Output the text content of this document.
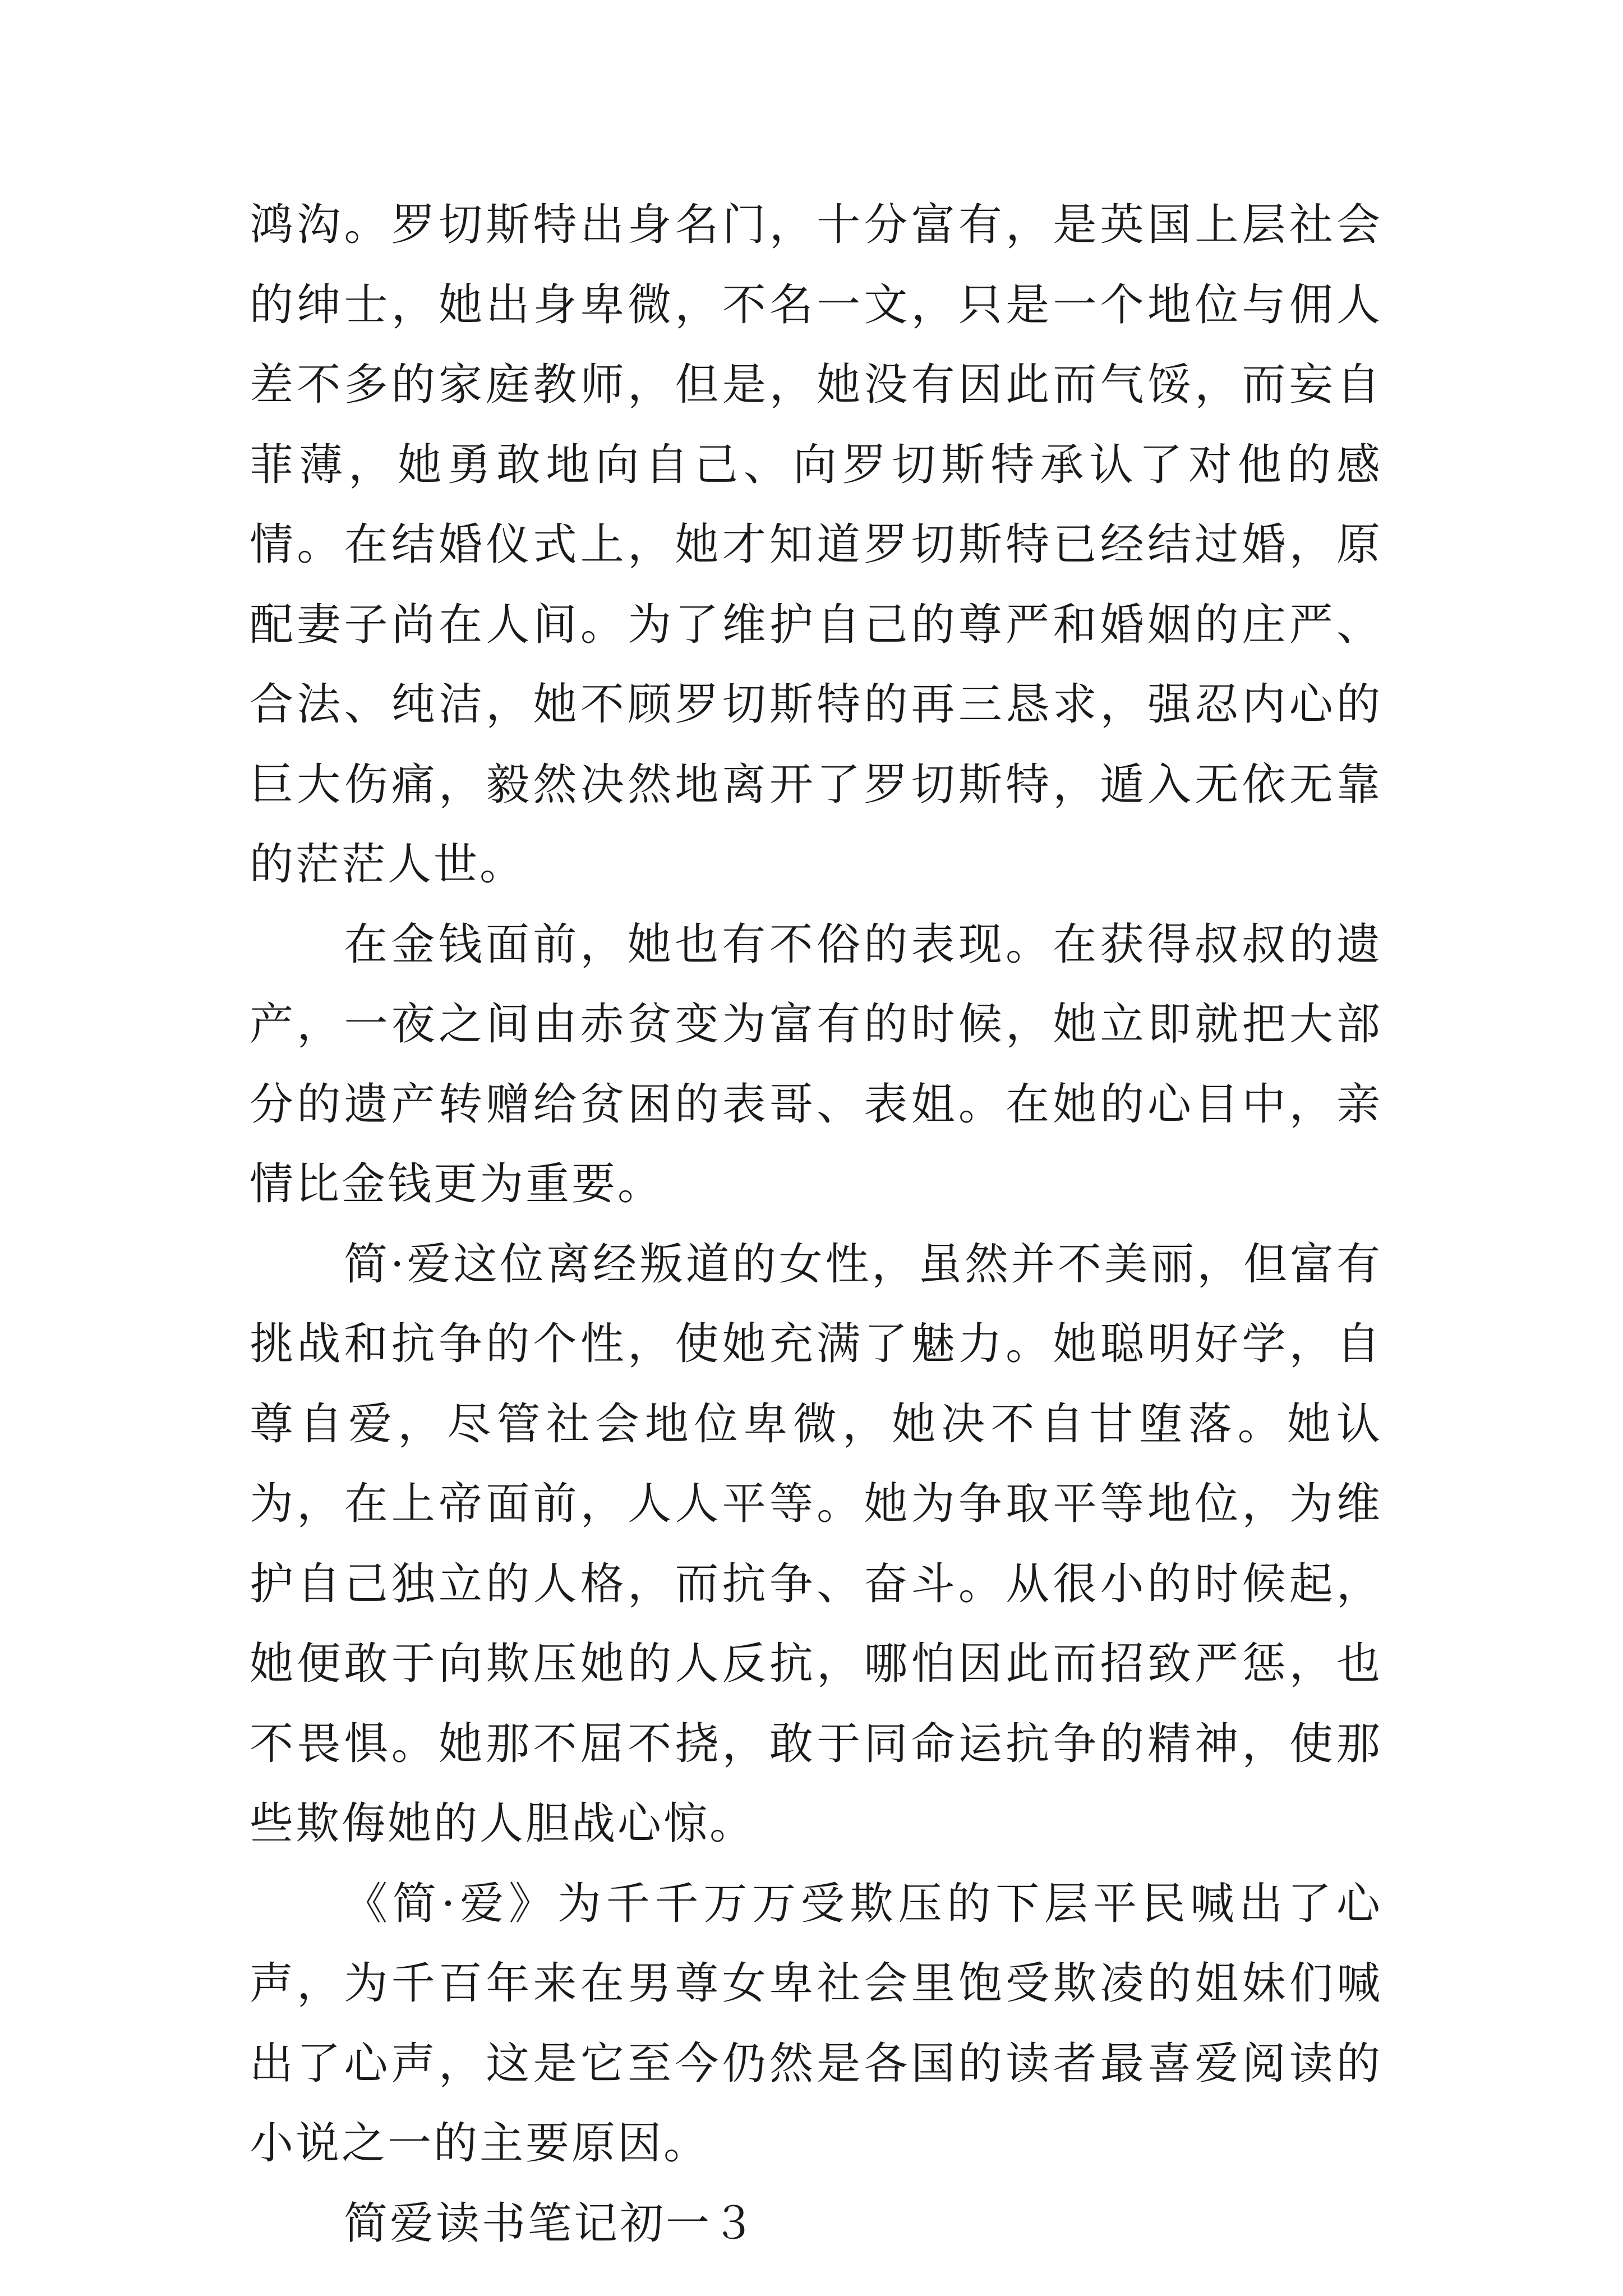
鸿沟。罗切斯特出身名门，十分富有，是英国上层社会的绅士，她出身卑微，不名一文，只是一个地位与佣人差不多的家庭教师，但是，她没有因此而气馁，而妄自菲薄，她勇敢地向自己、向罗切斯特承认了对他的感情。在结婚仪式上，她才知道罗切斯特已经结过婚，原配妻子尚在人间。为了维护自己的尊严和婚姻的庄严、合法、纯洁，她不顾罗切斯特的再三恳求，强忍内心的巨大伤痛，毅然决然地离开了罗切斯特，遁入无依无靠的茫茫人世。

在金钱面前，她也有不俗的表现。在获得叔叔的遗产，一夜之间由赤贫变为富有的时候，她立即就把大部分的遗产转赠给贫困的表哥、表姐。在她的心目中，亲情比金钱更为重要。

简·爱这位离经叛道的女性，虽然并不美丽，但富有挑战和抗争的个性，使她充满了魅力。她聪明好学，自尊自爱，尽管社会地位卑微，她决不自甘堕落。她认为，在上帝面前，人人平等。她为争取平等地位，为维护自己独立的人格，而抗争、奋斗。从很小的时候起，她便敢于向欺压她的人反抗，哪怕因此而招致严惩，也不畏惧。她那不屈不挠，敢于同命运抗争的精神，使那些欺侮她的人胆战心惊。

《简·爱》为千千万万受欺压的下层平民喊出了心声，为千百年来在男尊女卑社会里饱受欺凌的姐妹们喊出了心声，这是它至今仍然是各国的读者最喜爱阅读的小说之一的主要原因。

简爱读书笔记初一３
